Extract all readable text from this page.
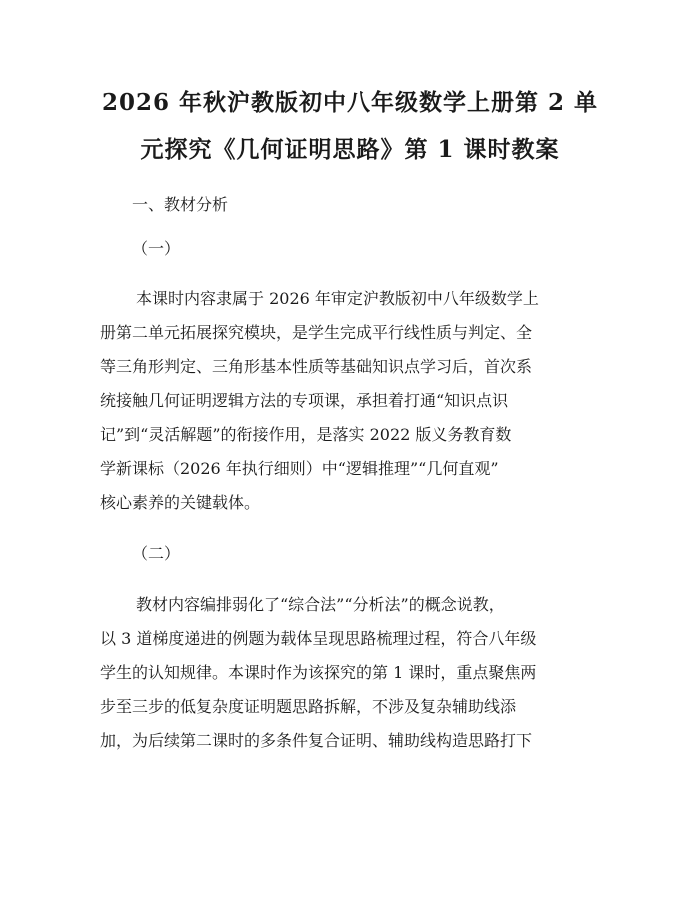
2026 年秋沪教版初中八年级数学上册第 2 单
元探究《几何证明思路》第 1 课时教案
一、教材分析
（一）
本课时内容隶属于 2026 年审定沪教版初中八年级数学上
册第二单元拓展探究模块，是学生完成平行线性质与判定、全
等三角形判定、三角形基本性质等基础知识点学习后，首次系
统接触几何证明逻辑方法的专项课，承担着打通“知识点识
记”到“灵活解题”的衔接作用，是落实 2022 版义务教育数
学新课标（2026 年执行细则）中“逻辑推理”“几何直观”
核心素养的关键载体。
（二）
教材内容编排弱化了“综合法”“分析法”的概念说教，
以 3 道梯度递进的例题为载体呈现思路梳理过程，符合八年级
学生的认知规律。本课时作为该探究的第 1 课时，重点聚焦两
步至三步的低复杂度证明题思路拆解，不涉及复杂辅助线添
加，为后续第二课时的多条件复合证明、辅助线构造思路打下
